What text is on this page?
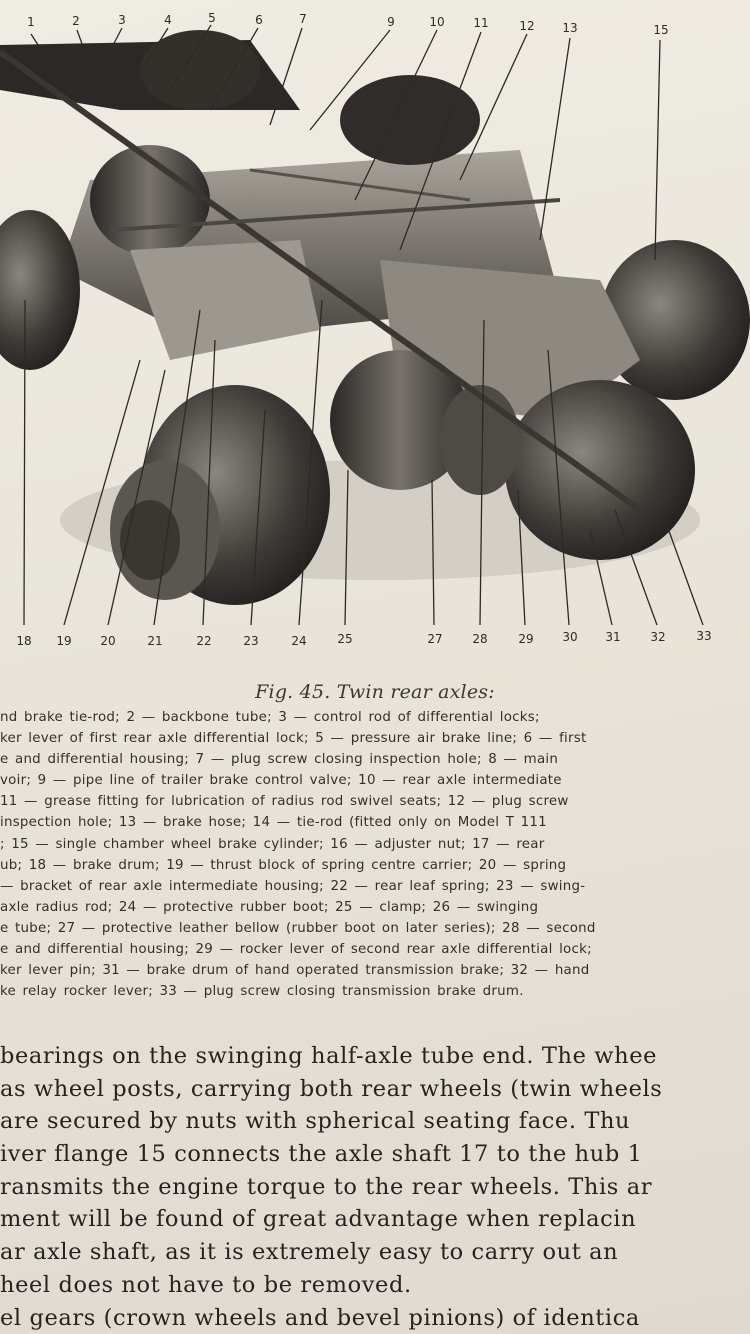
1	2	3	4	5	6	7	9	10 11	12 13	15
18 19 20	21	22	23	24	25	27 28	29 30 31 32	33
Fig. 45. Twin rear axles:
nd brake tie-rod; 2 — backbone tube; 3 — control rod of differential locks;
ker lever of first rear axle differential lock; 5 — pressure air brake line; 6 — first
e and differential housing; 7 — plug screw closing inspection hole; 8 — main
voir; 9 — pipe line of trailer brake control valve; 10 — rear axle intermediate
11 — grease fitting for lubrication of radius rod swivel seats; 12 — plug screw
inspection hole; 13 — brake hose; 14 — tie-rod (fitted only on Model T 111
; 15 — single chamber wheel brake cylinder; 16 — adjuster nut; 17 — rear
ub; 18 — brake drum; 19 — thrust block of spring centre carrier; 20 — spring
— bracket of rear axle intermediate housing; 22 — rear leaf spring; 23 — swing-
axle radius rod; 24 — protective rubber boot; 25 — clamp; 26 — swinging
e tube; 27 — protective leather bellow (rubber boot on later series); 28 — second
e and differential housing; 29 — rocker lever of second rear axle differential lock;
ker lever pin; 31 — brake drum of hand operated transmission brake; 32 — hand
ke relay rocker lever; 33 — plug screw closing transmission brake drum.
bearings on the swinging half-axle tube end. The whee
as wheel posts, carrying both rear wheels (twin wheels
are secured by nuts with spherical seating face. Thu
iver flange 15 connects the axle shaft 17 to the hub 1
ransmits the engine torque to the rear wheels. This ar
ment will be found of great advantage when replacin
ar axle shaft, as it is extremely easy to carry out an
heel does not have to be removed.
el gears (crown wheels and bevel pinions) of identica
